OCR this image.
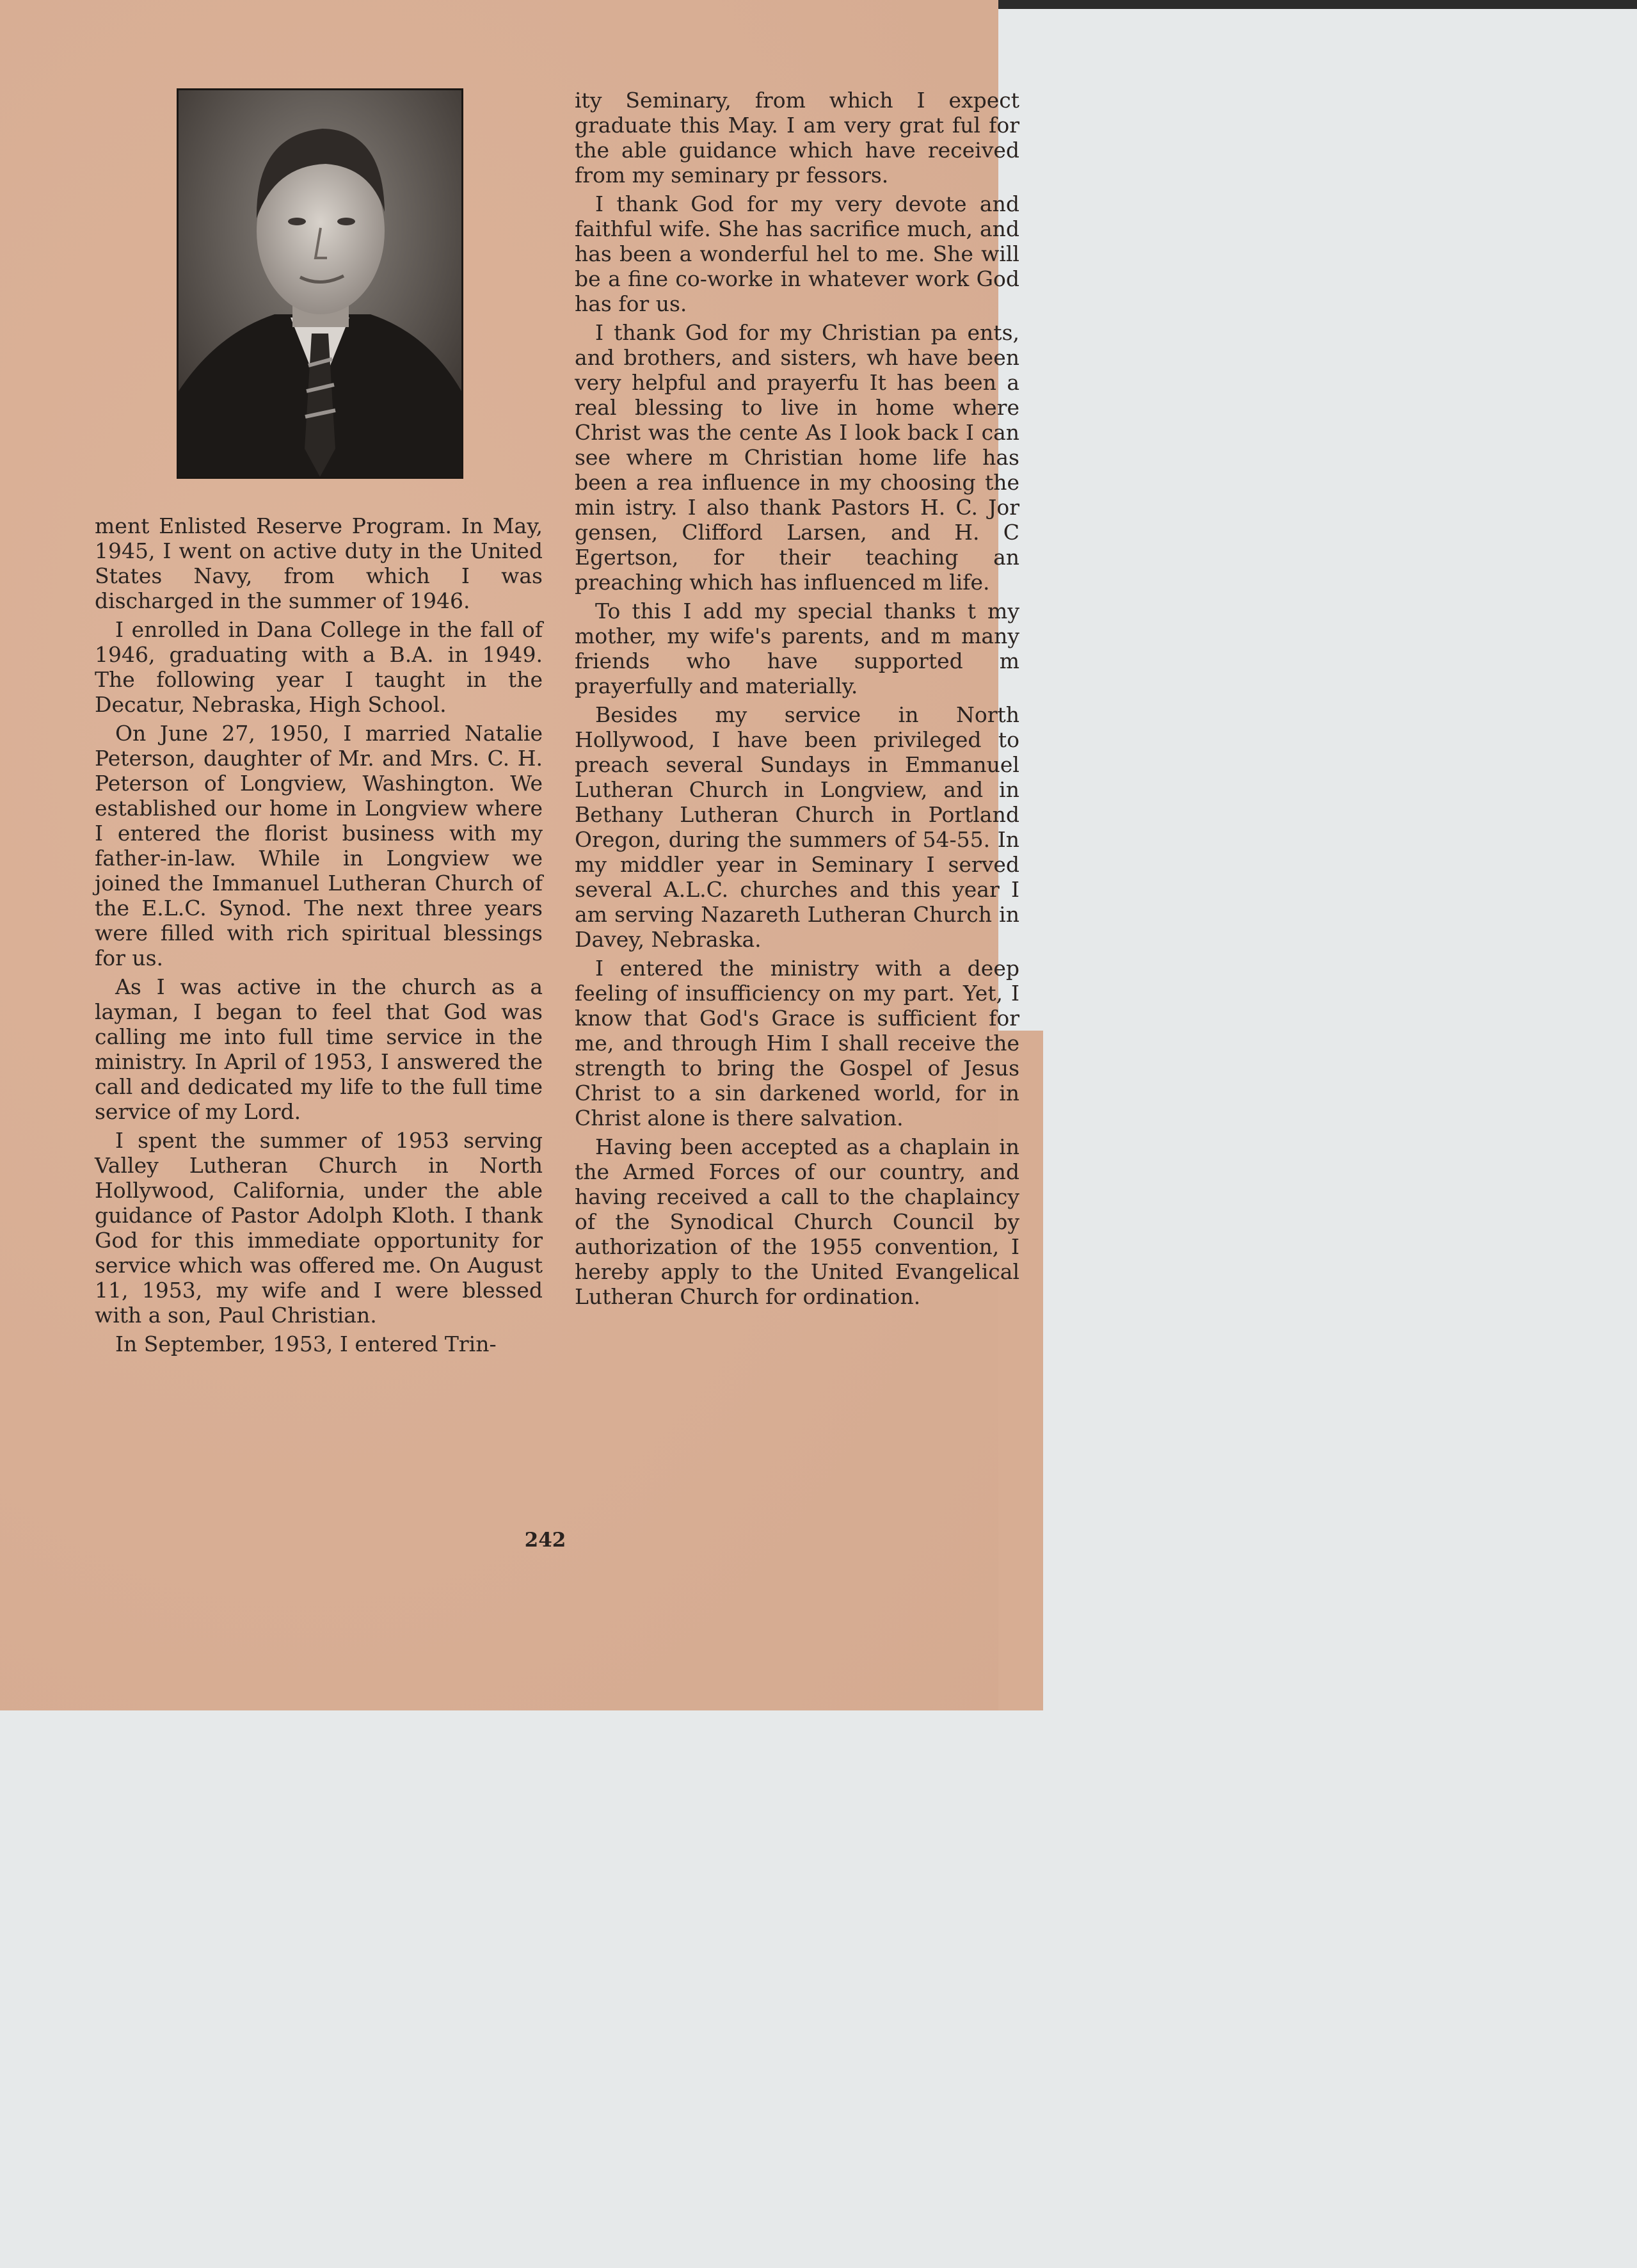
ment Enlisted Reserve Program. In May, 1945, I went on active duty in the United States Navy, from which I was discharged in the summer of 1946.

I enrolled in Dana College in the fall of 1946, graduating with a B.A. in 1949. The following year I taught in the Decatur, Nebraska, High School.

On June 27, 1950, I married Natalie Peterson, daughter of Mr. and Mrs. C. H. Peterson of Longview, Washington. We established our home in Longview where I entered the florist business with my father-in-law. While in Longview we joined the Immanuel Lutheran Church of the E.L.C. Synod. The next three years were filled with rich spiritual blessings for us.

As I was active in the church as a layman, I began to feel that God was calling me into full time service in the ministry. In April of 1953, I answered the call and dedicated my life to the full time service of my Lord.

I spent the summer of 1953 serving Valley Lutheran Church in North Hollywood, California, under the able guidance of Pastor Adolph Kloth. I thank God for this immediate opportunity for service which was offered me. On August 11, 1953, my wife and I were blessed with a son, Paul Christian.

In September, 1953, I entered Trin-

ity Seminary, from which I expect graduate this May. I am very grat ful for the able guidance which have received from my seminary pr fessors.

I thank God for my very devote and faithful wife. She has sacrifice much, and has been a wonderful hel to me. She will be a fine co-worke in whatever work God has for us.

I thank God for my Christian pa ents, and brothers, and sisters, wh have been very helpful and prayerfu It has been a real blessing to live in home where Christ was the cente As I look back I can see where m Christian home life has been a rea influence in my choosing the min istry. I also thank Pastors H. C. Jor gensen, Clifford Larsen, and H. C Egertson, for their teaching an preaching which has influenced m life.

To this I add my special thanks t my mother, my wife's parents, and m many friends who have supported m prayerfully and materially.

Besides my service in North Hollywood, I have been privileged to preach several Sundays in Emmanuel Lutheran Church in Longview, and in Bethany Lutheran Church in Portland Oregon, during the summers of 54-55. In my middler year in Seminary I served several A.L.C. churches and this year I am serving Nazareth Lutheran Church in Davey, Nebraska.

I entered the ministry with a deep feeling of insufficiency on my part. Yet, I know that God's Grace is sufficient for me, and through Him I shall receive the strength to bring the Gospel of Jesus Christ to a sin darkened world, for in Christ alone is there salvation.

Having been accepted as a chaplain in the Armed Forces of our country, and having received a call to the chaplaincy of the Synodical Church Council by authorization of the 1955 convention, I hereby apply to the United Evangelical Lutheran Church for ordination.

242
